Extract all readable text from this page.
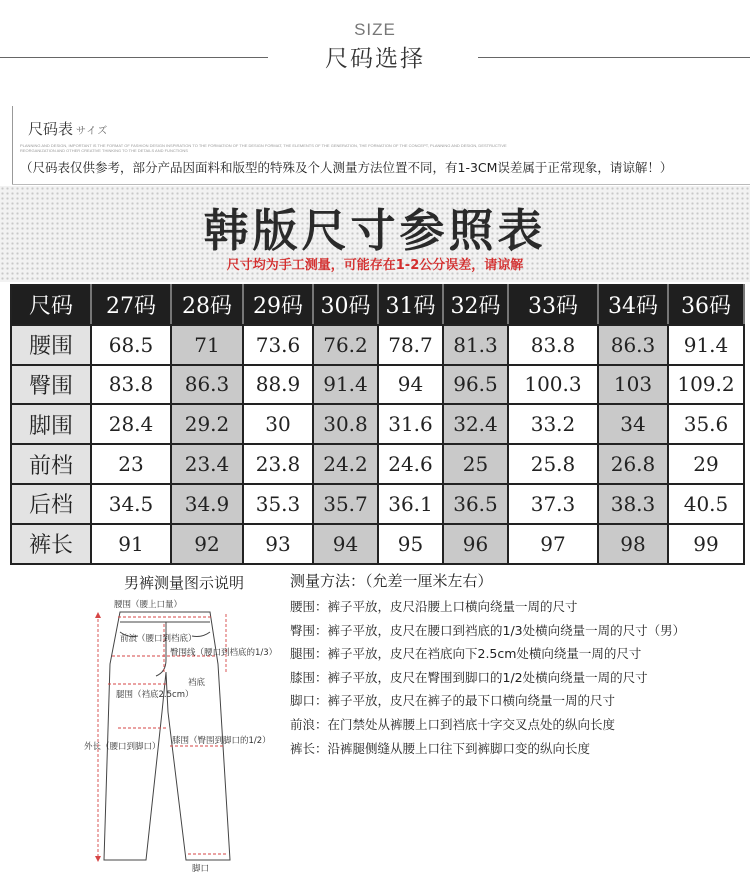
SIZE
尺码选择
尺码表 サイズ
PLANNING AND DESIGN, IMPORTANT IS THE FORMAT OF FASHION DESIGN INSPIRATION TO THE FORMATION OF THE DESIGN FORMAT, THE ELEMENTS OF THE GENERATION, THE FORMATION OF THE CONCEPT, PLANNING AND DESIGN, DESTRUCTIVE REORGANIZATION AND OTHER CREATIVE THINKING TO THE DETAILS AND FUNCTIONS
（尺码表仅供参考，部分产品因面料和版型的特殊及个人测量方法位置不同，有1-3CM误差属于正常现象，请谅解！）
韩版尺寸参照表
尺寸均为手工测量，可能存在1-2公分误差，请谅解
尺码	27码	28码	29码	30码	31码	32码	33码	34码	36码
腰围	68.5	71	73.6	76.2	78.7	81.3	83.8	86.3	91.4
臀围	83.8	86.3	88.9	91.4	94	96.5	100.3	103	109.2
脚围	28.4	29.2	30	30.8	31.6	32.4	33.2	34	35.6
前档	23	23.4	23.8	24.2	24.6	25	25.8	26.8	29
后档	34.5	34.9	35.3	35.7	36.1	36.5	37.3	38.3	40.5
裤长	91	92	93	94	95	96	97	98	99
男裤测量图示说明
腰围（腰上口量）
前浪（腰口到档底）
臀围线（腰口到档底的1/3）
裆底
腿围（裆底2.5cm）
外长（腰口到脚口）
膝围（臀围到脚口的1/2）
脚口
测量方法：（允差一厘米左右）
腰围：裤子平放，皮尺沿腰上口横向绕量一周的尺寸
臀围：裤子平放，皮尺在腰口到裆底的1/3处横向绕量一周的尺寸（男）
腿围：裤子平放，皮尺在裆底向下2.5cm处横向绕量一周的尺寸
膝围：裤子平放，皮尺在臀围到脚口的1/2处横向绕量一周的尺寸
脚口：裤子平放，皮尺在裤子的最下口横向绕量一周的尺寸
前浪：在门禁处从裤腰上口到裆底十字交叉点处的纵向长度
裤长：沿裤腿侧缝从腰上口往下到裤脚口变的纵向长度
